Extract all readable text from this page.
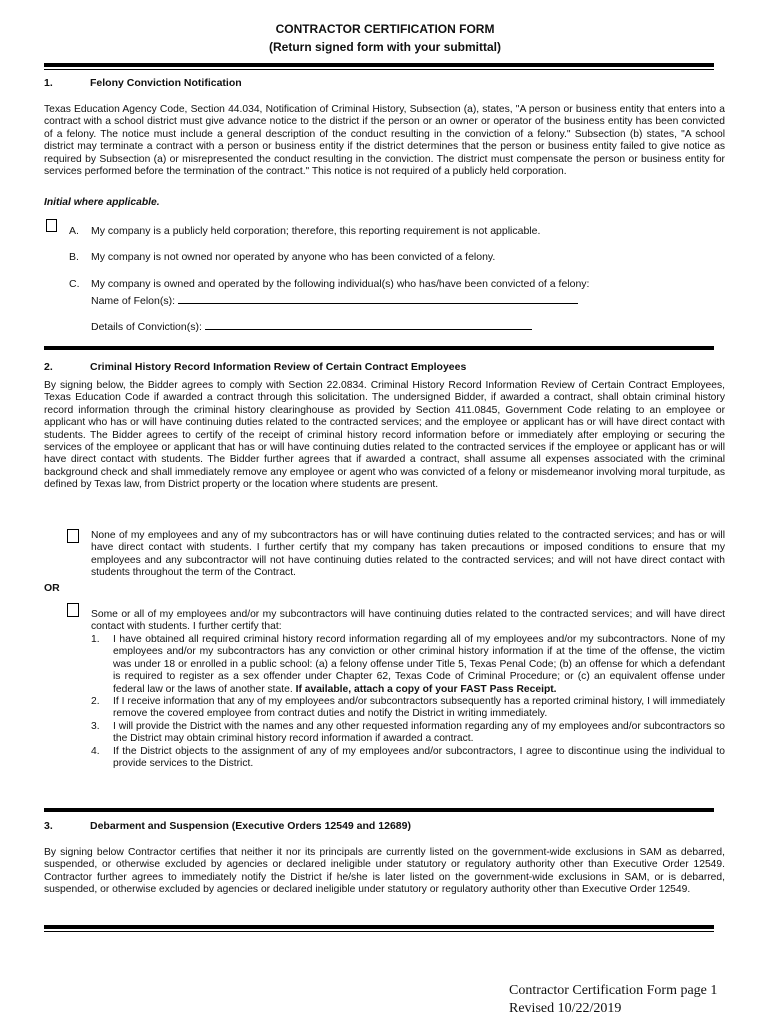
CONTRACTOR CERTIFICATION FORM
(Return signed form with your submittal)
1.	Felony Conviction Notification
Texas Education Agency Code, Section 44.034, Notification of Criminal History, Subsection (a), states, "A person or business entity that enters into a contract with a school district must give advance notice to the district if the person or an owner or operator of the business entity has been convicted of a felony. The notice must include a general description of the conduct resulting in the conviction of a felony." Subsection (b) states, "A school district may terminate a contract with a person or business entity if the district determines that the person or business entity failed to give notice as required by Subsection (a) or misrepresented the conduct resulting in the conviction. The district must compensate the person or business entity for services performed before the termination of the contract." This notice is not required of a publicly held corporation.
Initial where applicable.
A. My company is a publicly held corporation; therefore, this reporting requirement is not applicable.
B. My company is not owned nor operated by anyone who has been convicted of a felony.
C. My company is owned and operated by the following individual(s) who has/have been convicted of a felony:
Name of Felon(s):
Details of Conviction(s):
2.	Criminal History Record Information Review of Certain Contract Employees
By signing below, the Bidder agrees to comply with Section 22.0834. Criminal History Record Information Review of Certain Contract Employees, Texas Education Code if awarded a contract through this solicitation. The undersigned Bidder, if awarded a contract, shall obtain criminal history record information through the criminal history clearinghouse as provided by Section 411.0845, Government Code relating to an employee or applicant who has or will have continuing duties related to the contracted services; and the employee or applicant has or will have direct contact with students. The Bidder agrees to certify of the receipt of criminal history record information before or immediately after employing or securing the services of the employee or applicant that has or will have continuing duties related to the contracted services if the employee or applicant has or will have direct contact with students. The Bidder further agrees that if awarded a contract, shall assume all expenses associated with the criminal background check and shall immediately remove any employee or agent who was convicted of a felony or misdemeanor involving moral turpitude, as defined by Texas law, from District property or the location where students are present.
None of my employees and any of my subcontractors has or will have continuing duties related to the contracted services; and has or will have direct contact with students. I further certify that my company has taken precautions or imposed conditions to ensure that my employees and any subcontractor will not have continuing duties related to the contracted services; and will not have direct contact with students throughout the term of the Contract.
OR
Some or all of my employees and/or my subcontractors will have continuing duties related to the contracted services; and will have direct contact with students. I further certify that:
1. I have obtained all required criminal history record information regarding all of my employees and/or my subcontractors. None of my employees and/or my subcontractors has any conviction or other criminal history information if at the time of the offense, the victim was under 18 or enrolled in a public school: (a) a felony offense under Title 5, Texas Penal Code; (b) an offense for which a defendant is required to register as a sex offender under Chapter 62, Texas Code of Criminal Procedure; or (c) an equivalent offense under federal law or the laws of another state. If available, attach a copy of your FAST Pass Receipt.
2. If I receive information that any of my employees and/or subcontractors subsequently has a reported criminal history, I will immediately remove the covered employee from contract duties and notify the District in writing immediately.
3. I will provide the District with the names and any other requested information regarding any of my employees and/or subcontractors so the District may obtain criminal history record information if awarded a contract.
4. If the District objects to the assignment of any of my employees and/or subcontractors, I agree to discontinue using the individual to provide services to the District.
3.	Debarment and Suspension (Executive Orders 12549 and 12689)
By signing below Contractor certifies that neither it nor its principals are currently listed on the government-wide exclusions in SAM as debarred, suspended, or otherwise excluded by agencies or declared ineligible under statutory or regulatory authority other than Executive Order 12549. Contractor further agrees to immediately notify the District if he/she is later listed on the government-wide exclusions in SAM, or is debarred, suspended, or otherwise excluded by agencies or declared ineligible under statutory or regulatory authority other than Executive Order 12549.
Contractor Certification Form page 1
Revised 10/22/2019
